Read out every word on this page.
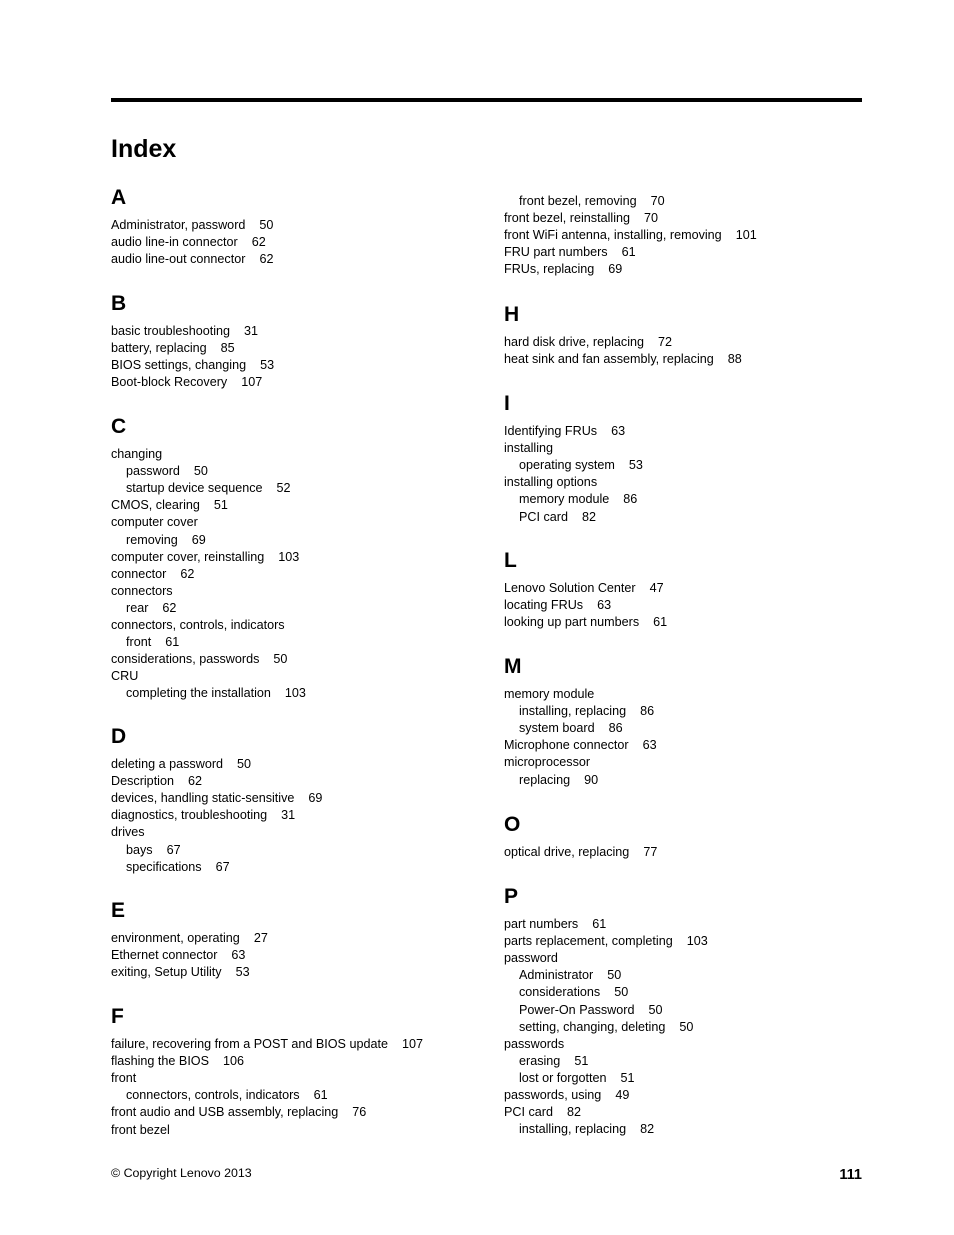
Index
A
Administrator, password 50
audio line-in connector 62
audio line-out connector 62
B
basic troubleshooting 31
battery, replacing 85
BIOS settings, changing 53
Boot-block Recovery 107
C
changing
password 50
startup device sequence 52
CMOS, clearing 51
computer cover
removing 69
computer cover, reinstalling 103
connector 62
connectors
rear 62
connectors, controls, indicators
front 61
considerations, passwords 50
CRU
completing the installation 103
D
deleting a password 50
Description 62
devices, handling static-sensitive 69
diagnostics, troubleshooting 31
drives
bays 67
specifications 67
E
environment, operating 27
Ethernet connector 63
exiting, Setup Utility 53
F
failure, recovering from a POST and BIOS update 107
flashing the BIOS 106
front
connectors, controls, indicators 61
front audio and USB assembly, replacing 76
front bezel
front bezel, removing 70
front bezel, reinstalling 70
front WiFi antenna, installing, removing 101
FRU part numbers 61
FRUs, replacing 69
H
hard disk drive, replacing 72
heat sink and fan assembly, replacing 88
I
Identifying FRUs 63
installing
operating system 53
installing options
memory module 86
PCI card 82
L
Lenovo Solution Center 47
locating FRUs 63
looking up part numbers 61
M
memory module
installing, replacing 86
system board 86
Microphone connector 63
microprocessor
replacing 90
O
optical drive, replacing 77
P
part numbers 61
parts replacement, completing 103
password
Administrator 50
considerations 50
Power-On Password 50
setting, changing, deleting 50
passwords
erasing 51
lost or forgotten 51
passwords, using 49
PCI card 82
installing, replacing 82
© Copyright Lenovo 2013	111
